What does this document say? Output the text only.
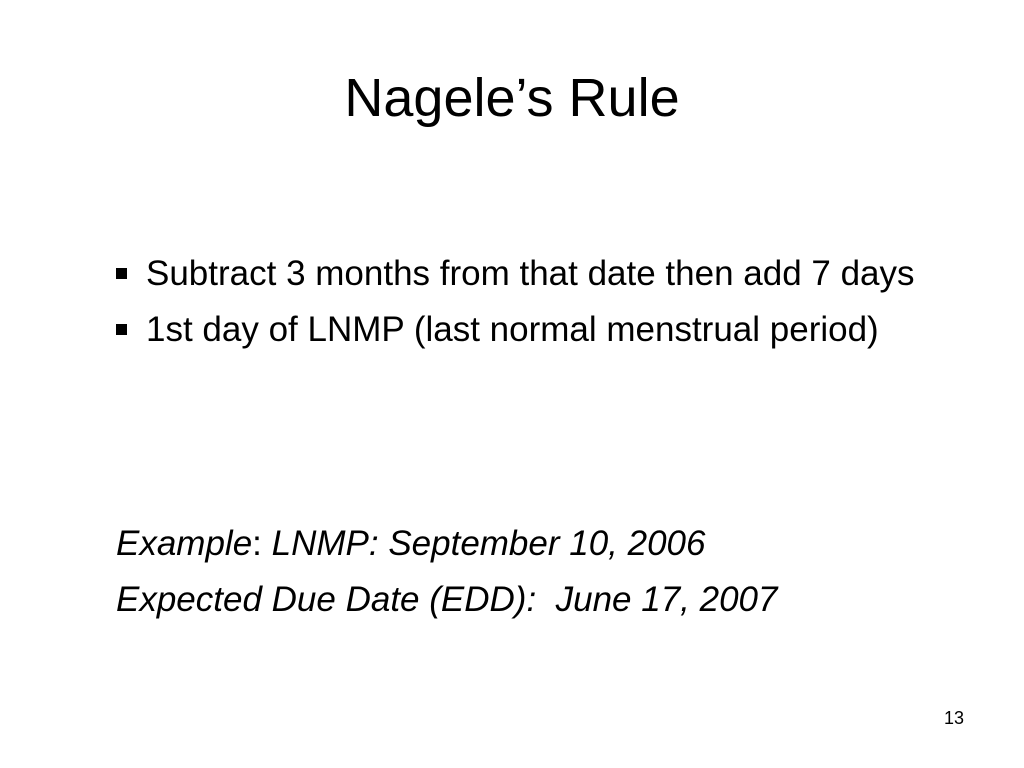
Nagele’s Rule
Subtract 3 months from that date then add 7 days
1st day of LNMP (last normal menstrual period)
Example: LNMP: September 10, 2006
Expected Due Date (EDD): June 17, 2007
13
